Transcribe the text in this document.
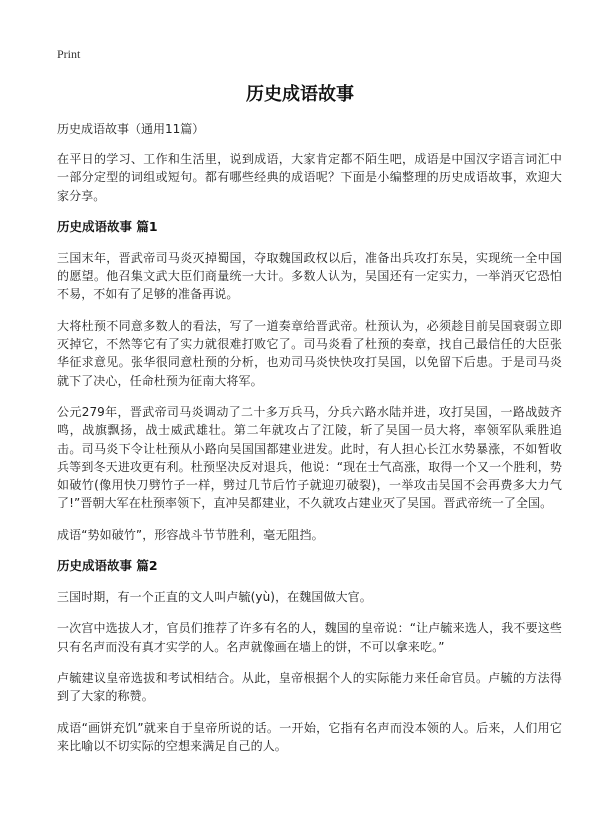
Print
历史成语故事
历史成语故事（通用11篇）

在平日的学习、工作和生活里，说到成语，大家肯定都不陌生吧，成语是中国汉字语言词汇中一部分定型的词组或短句。都有哪些经典的成语呢？下面是小编整理的历史成语故事，欢迎大家分享。

历史成语故事 篇1

三国末年，晋武帝司马炎灭掉蜀国，夺取魏国政权以后，准备出兵攻打东吴，实现统一全中国的愿望。他召集文武大臣们商量统一大计。多数人认为，吴国还有一定实力，一举消灭它恐怕不易，不如有了足够的准备再说。

大将杜预不同意多数人的看法，写了一道奏章给晋武帝。杜预认为，必须趁目前吴国衰弱立即灭掉它，不然等它有了实力就很难打败它了。司马炎看了杜预的奏章，找自己最信任的大臣张华征求意见。张华很同意杜预的分析，也劝司马炎快快攻打吴国，以免留下后患。于是司马炎就下了决心，任命杜预为征南大将军。

公元279年，晋武帝司马炎调动了二十多万兵马，分兵六路水陆并进，攻打吴国，一路战鼓齐鸣，战旗飘扬，战士威武雄壮。第二年就攻占了江陵，斩了吴国一员大将，率领军队乘胜追击。司马炎下令让杜预从小路向吴国国都建业进发。此时，有人担心长江水势暴涨，不如暂收兵等到冬天进攻更有利。杜预坚决反对退兵，他说：“现在士气高涨，取得一个又一个胜利，势如破竹(像用快刀劈竹子一样，劈过几节后竹子就迎刃破裂)，一举攻击吴国不会再费多大力气了!”晋朝大军在杜预率领下，直冲吴都建业，不久就攻占建业灭了吴国。晋武帝统一了全国。

成语“势如破竹”，形容战斗节节胜利，毫无阻挡。

历史成语故事 篇2

三国时期，有一个正直的文人叫卢毓(yù)，在魏国做大官。

一次宫中选拔人才，官员们推荐了许多有名的人，魏国的皇帝说：“让卢毓来选人，我不要这些只有名声而没有真才实学的人。名声就像画在墙上的饼，不可以拿来吃。”

卢毓建议皇帝选拔和考试相结合。从此，皇帝根据个人的实际能力来任命官员。卢毓的方法得到了大家的称赞。

成语“画饼充饥”就来自于皇帝所说的话。一开始，它指有名声而没本领的人。后来，人们用它来比喻以不切实际的空想来满足自己的人。
